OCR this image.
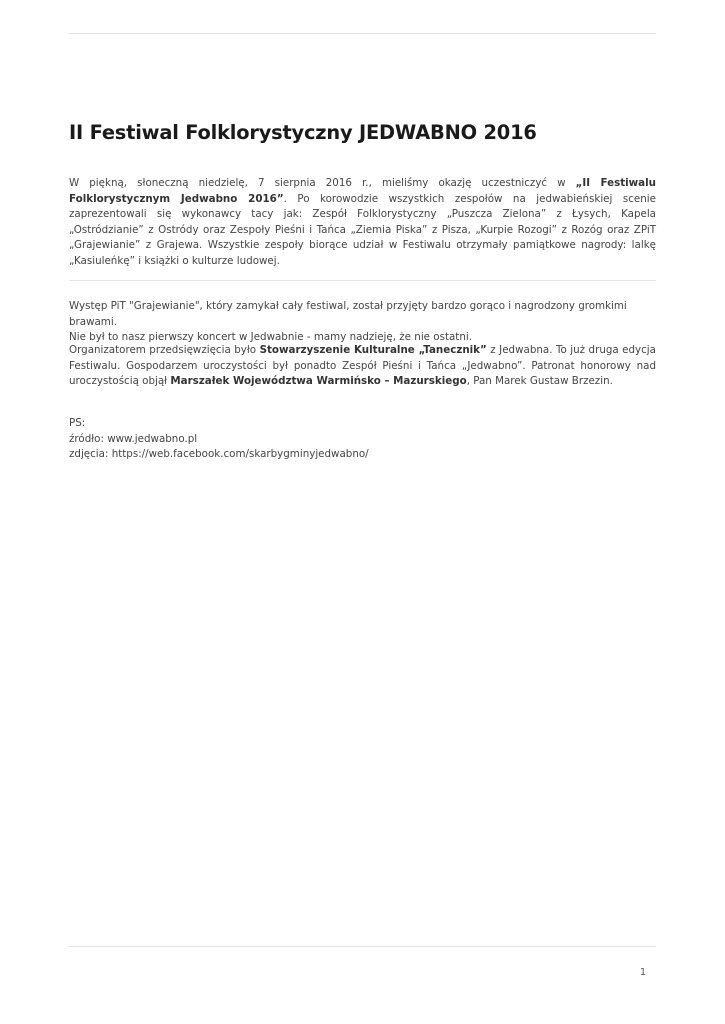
II Festiwal Folklorystyczny JEDWABNO 2016

W piękną, słoneczną niedzielę, 7 sierpnia 2016 r., mieliśmy okazję uczestniczyć w „II Festiwalu Folklorystycznym Jedwabno 2016”. Po korowodzie wszystkich zespołów na jedwabieńskiej scenie zaprezentowali się wykonawcy tacy jak: Zespół Folklorystyczny „Puszcza Zielona” z Łysych, Kapela „Ostródzianie” z Ostródy oraz Zespoły Pieśni i Tańca „Ziemia Piska” z Pisza, „Kurpie Rozogi” z Rozóg oraz ZPiT „Grajewianie” z Grajewa. Wszystkie zespoły biorące udział w Festiwalu otrzymały pamiątkowe nagrody: lalkę „Kasiuleńkę” i książki o kulturze ludowej.

Występ PiT "Grajewianie", który zamykał cały festiwal, został przyjęty bardzo gorąco i nagrodzony gromkimi brawami.

Nie był to nasz pierwszy koncert w Jedwabnie - mamy nadzieję, że nie ostatni.

Organizatorem przedsięwzięcia było Stowarzyszenie Kulturalne „Tanecznik” z Jedwabna. To już druga edycja Festiwalu. Gospodarzem uroczystości był ponadto Zespół Pieśni i Tańca „Jedwabno”. Patronat honorowy nad uroczystością objął Marszałek Województwa Warmińsko – Mazurskiego, Pan Marek Gustaw Brzezin.

PS:

źródło: www.jedwabno.pl

zdjęcia: https://web.facebook.com/skarbygminyjedwabno/

1
